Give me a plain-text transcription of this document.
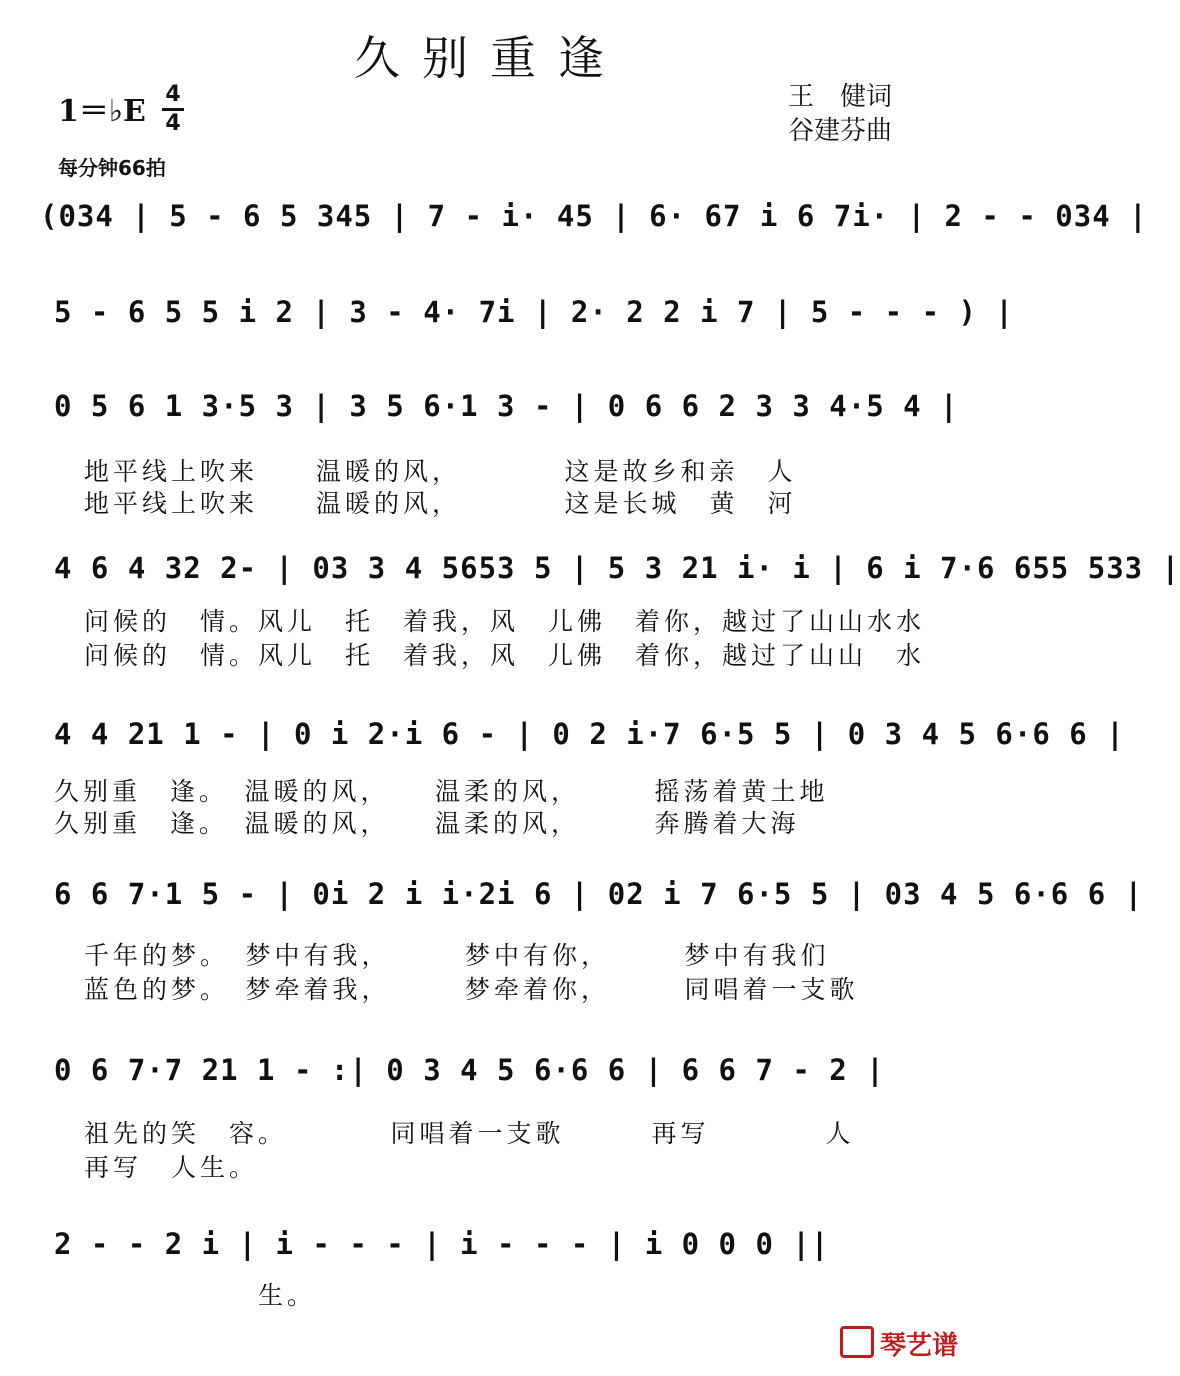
久别重逢
1＝♭E 4
4
王　健词
谷建芬曲
每分钟66拍
(034 | 5 - 6 5 345 | 7 - i· 45 | 6· 67 i 6 7i· | 2 - - 034 |
5 - 6 5 5 i 2 | 3 - 4· 7i | 2· 2 2 i 7 | 5 - - - ) |
0 5 6 1 3·5 3 | 3 5 6·1 3 - | 0 6 6 2 3 3 4·5 4 |
地平线上吹来　　温暖的风，　　　　这是故乡和亲　人
地平线上吹来　　温暖的风，　　　　这是长城　黄　河
4 6 4 32 2- | 03 3 4 5653 5 | 5 3 21 i· i | 6 i 7·6 655 533 |
问候的　情。风儿　托　着我，风　儿佛　着你，越过了山山水水
问候的　情。风儿　托　着我，风　儿佛　着你，越过了山山　水
4 4 21 1 - | 0 i 2·i 6 - | 0 2 i·7 6·5 5 | 0 3 4 5 6·6 6 |
久别重　逢。　温暖的风，　　温柔的风，　　　摇荡着黄土地
久别重　逢。　温暖的风，　　温柔的风，　　　奔腾着大海
6 6 7·1 5 - | 0i 2 i i·2i 6 | 02 i 7 6·5 5 | 03 4 5 6·6 6 |
千年的梦。　梦中有我，　　　梦中有你，　　　梦中有我们
蓝色的梦。　梦牵着我，　　　梦牵着你，　　　同唱着一支歌
0 6 7·7 21 1 - :| 0 3 4 5 6·6 6 | 6 6 7 - 2 |
祖先的笑　容。　　　　同唱着一支歌　　　再写　　　　人
再写　人生。
2 - - 2 i | i - - - | i - - - | i 0 0 0 ||
　　　　　　生。
琴艺谱
